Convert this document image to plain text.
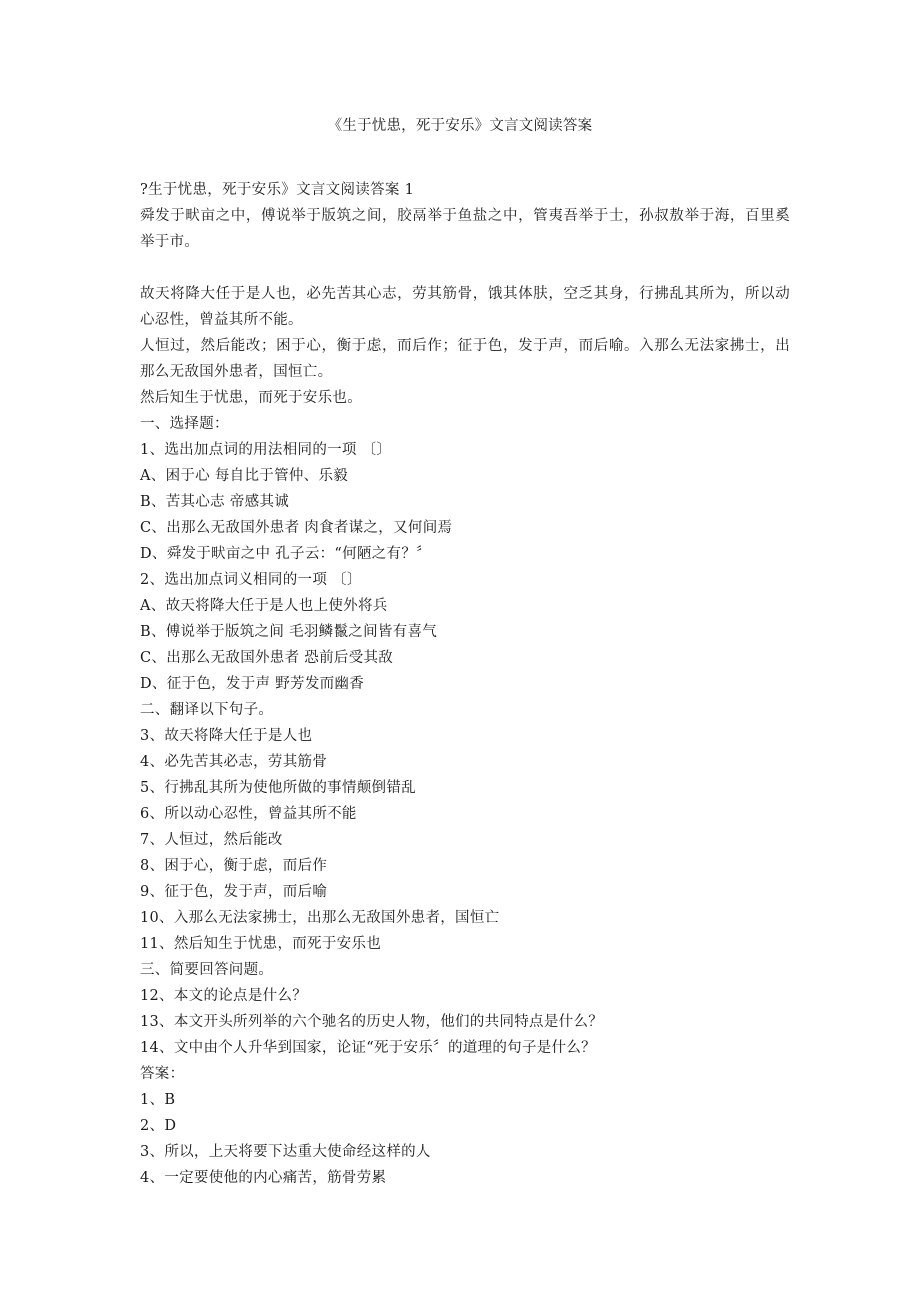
《生于忧患，死于安乐》文言文阅读答案
?生于忧患，死于安乐》文言文阅读答案 1
舜发于畎亩之中，傅说举于版筑之间，胶鬲举于鱼盐之中，管夷吾举于士，孙叔敖举于海，百里奚举于市。
故天将降大任于是人也，必先苦其心志，劳其筋骨，饿其体肤，空乏其身，行拂乱其所为，所以动心忍性，曾益其所不能。
人恒过，然后能改；困于心，衡于虑，而后作；征于色，发于声，而后喻。入那么无法家拂士，出那么无敌国外患者，国恒亡。
然后知生于忧患，而死于安乐也。
一、选择题：
1、选出加点词的用法相同的一项 〔〕
A、困于心 每自比于管仲、乐毅
B、苦其心志 帝感其诚
C、出那么无敌国外患者 肉食者谋之，又何间焉
D、舜发于畎亩之中 孔子云：“何陋之有？〞
2、选出加点词义相同的一项 〔〕
A、故天将降大任于是人也上使外将兵
B、傅说举于版筑之间 毛羽鳞鬣之间皆有喜气
C、出那么无敌国外患者 恐前后受其敌
D、征于色，发于声 野芳发而幽香
二、翻译以下句子。
3、故天将降大任于是人也
4、必先苦其必志，劳其筋骨
5、行拂乱其所为使他所做的事情颠倒错乱
6、所以动心忍性，曾益其所不能
7、人恒过，然后能改
8、困于心，衡于虑，而后作
9、征于色，发于声，而后喻
10、入那么无法家拂士，出那么无敌国外患者，国恒亡
11、然后知生于忧患，而死于安乐也
三、简要回答问题。
12、本文的论点是什么？
13、本文开头所列举的六个驰名的历史人物，他们的共同特点是什么？
14、文中由个人升华到国家，论证“死于安乐〞的道理的句子是什么？
答案：
1、B
2、D
3、所以，上天将要下达重大使命经这样的人
4、一定要使他的内心痛苦，筋骨劳累
